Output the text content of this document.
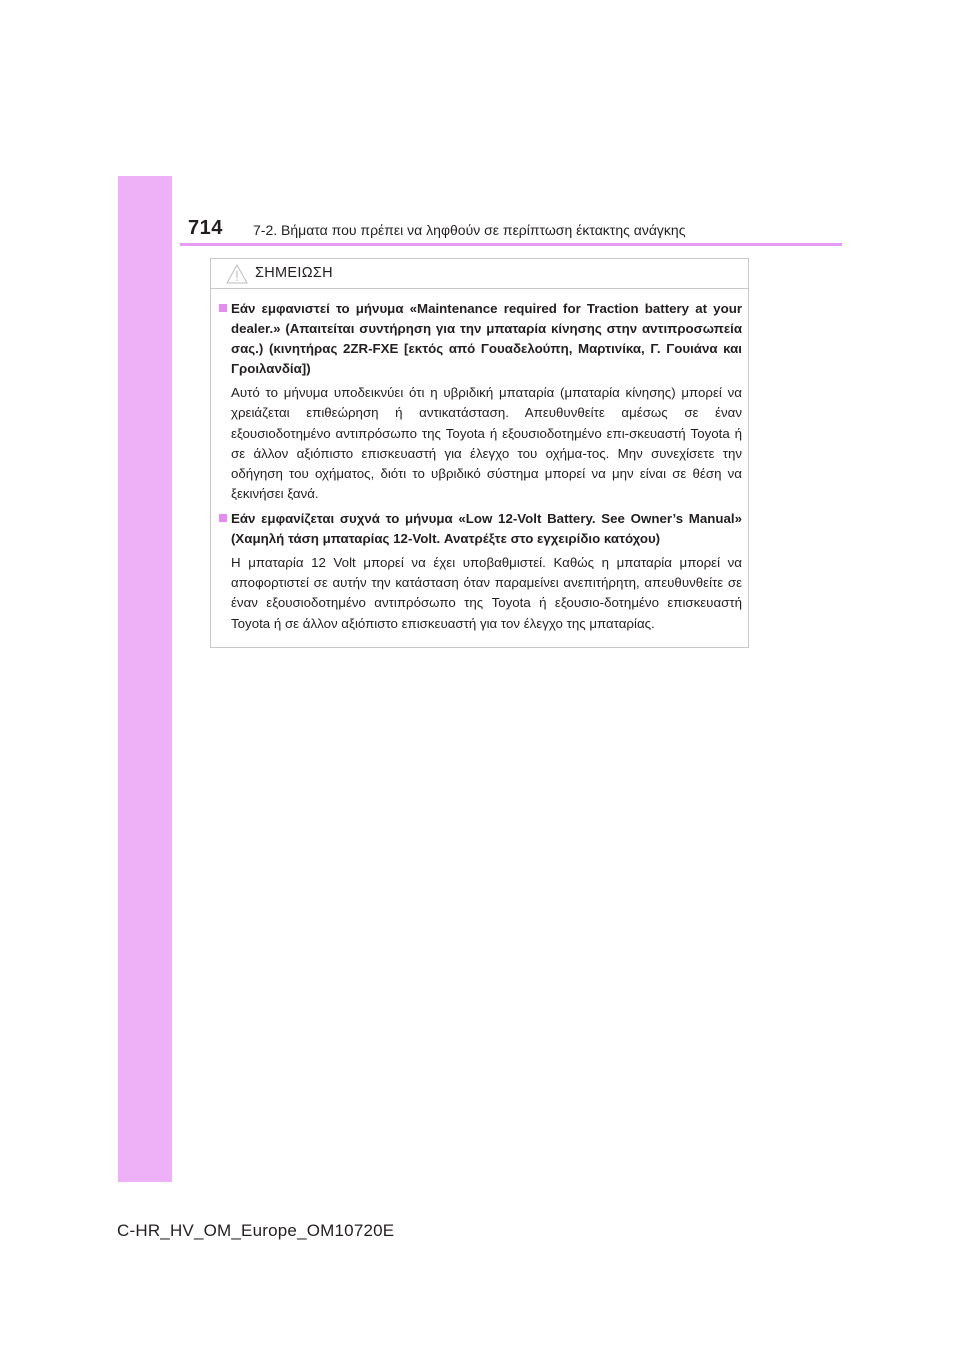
714 7-2. Βήματα που πρέπει να ληφθούν σε περίπτωση έκτακτης ανάγκης
ΣΗΜΕΙΩΣΗ
Εάν εμφανιστεί το μήνυμα «Maintenance required for Traction battery at your dealer.» (Απαιτείται συντήρηση για την μπαταρία κίνησης στην αντιπροσωπεία σας.) (κινητήρας 2ZR-FXE [εκτός από Γουαδελούπη, Μαρτινίκα, Γ. Γουιάνα και Γροιλανδία])
Αυτό το μήνυμα υποδεικνύει ότι η υβριδική μπαταρία (μπαταρία κίνησης) μπορεί να χρειάζεται επιθεώρηση ή αντικατάσταση. Απευθυνθείτε αμέσως σε έναν εξουσιοδοτημένο αντιπρόσωπο της Toyota ή εξουσιοδοτημένο επι-σκευαστή Toyota ή σε άλλον αξιόπιστο επισκευαστή για έλεγχο του οχήμα-τος. Μην συνεχίσετε την οδήγηση του οχήματος, διότι το υβριδικό σύστημα μπορεί να μην είναι σε θέση να ξεκινήσει ξανά.
Εάν εμφανίζεται συχνά το μήνυμα «Low 12-Volt Battery. See Owner’s Manual» (Χαμηλή τάση μπαταρίας 12-Volt. Ανατρέξτε στο εγχειρίδιο κατόχου)
Η μπαταρία 12 Volt μπορεί να έχει υποβαθμιστεί. Καθώς η μπαταρία μπορεί να αποφορτιστεί σε αυτήν την κατάσταση όταν παραμείνει ανεπιτήρητη, απευθυνθείτε σε έναν εξουσιοδοτημένο αντιπρόσωπο της Toyota ή εξουσιο-δοτημένο επισκευαστή Toyota ή σε άλλον αξιόπιστο επισκευαστή για τον έλεγχο της μπαταρίας.
C-HR_HV_OM_Europe_OM10720E
